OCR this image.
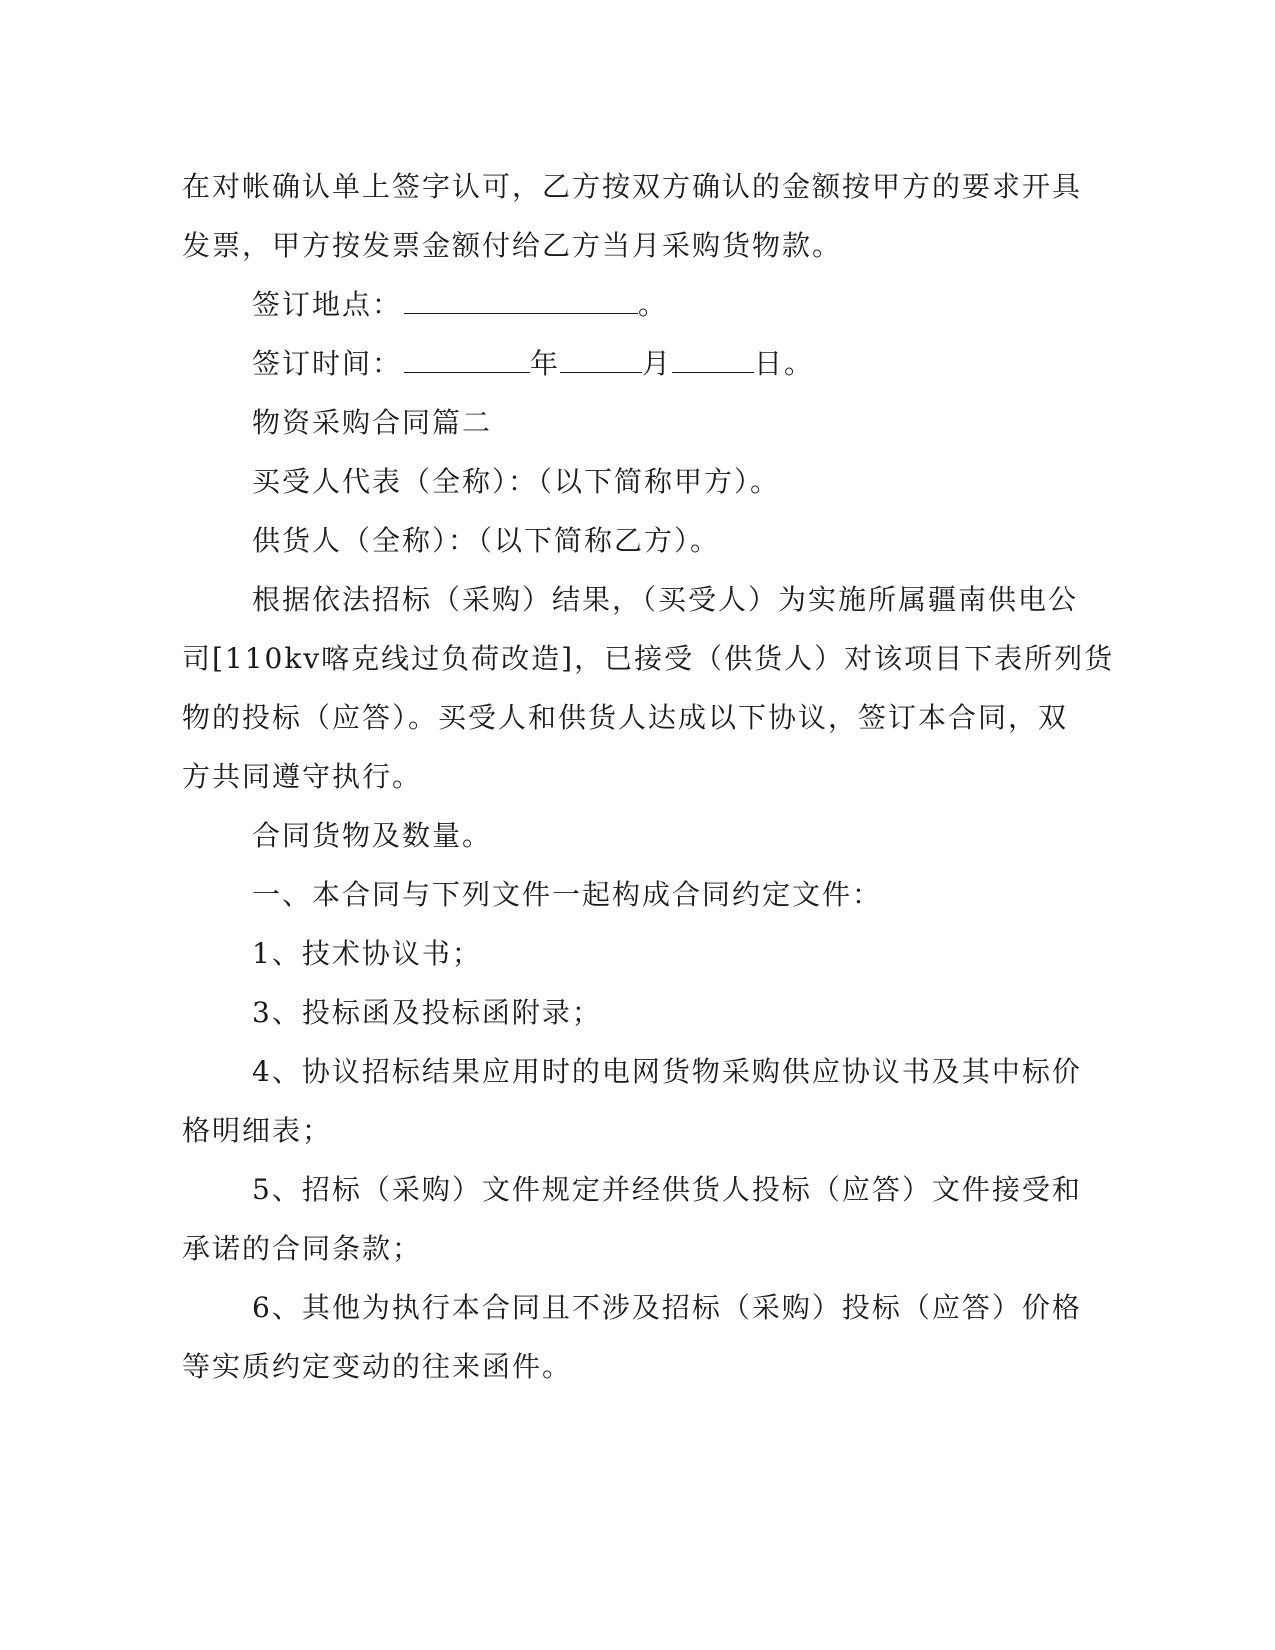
在对帐确认单上签字认可，乙方按双方确认的金额按甲方的要求开具

发票，甲方按发票金额付给乙方当月采购货物款。

签订地点：	。

签订时间：	年	月	日。

物资采购合同篇二

买受人代表（全称）：（以下简称甲方）。

供货人（全称）：（以下简称乙方）。

根据依法招标（采购）结果，（买受人）为实施所属疆南供电公

司[110kv喀克线过负荷改造]，已接受（供货人）对该项目下表所列货

物的投标（应答）。买受人和供货人达成以下协议，签订本合同，双

方共同遵守执行。

合同货物及数量。

一、本合同与下列文件一起构成合同约定文件：

1、技术协议书；

3、投标函及投标函附录；

4、协议招标结果应用时的电网货物采购供应协议书及其中标价

格明细表；

5、招标（采购）文件规定并经供货人投标（应答）文件接受和

承诺的合同条款；

6、其他为执行本合同且不涉及招标（采购）投标（应答）价格

等实质约定变动的往来函件。
